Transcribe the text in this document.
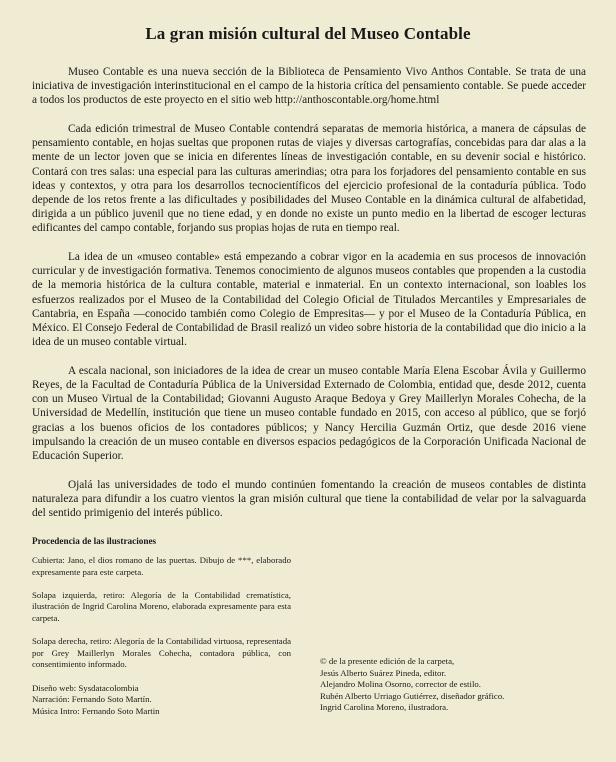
La gran misión cultural del Museo Contable

Museo Contable es una nueva sección de la Biblioteca de Pensamiento Vivo Anthos Contable. Se trata de una iniciativa de investigación interinstitucional en el campo de la historia crítica del pensamiento contable. Se puede acceder a todos los productos de este proyecto en el sitio web http://anthoscontable.org/home.html

Cada edición trimestral de Museo Contable contendrá separatas de memoria histórica, a manera de cápsulas de pensamiento contable, en hojas sueltas que proponen rutas de viajes y diversas cartografías, concebidas para dar alas a la mente de un lector joven que se inicia en diferentes líneas de investigación contable, en su devenir social e histórico. Contará con tres salas: una especial para las culturas amerindias; otra para los forjadores del pensamiento contable en sus ideas y contextos, y otra para los desarrollos tecnocientíficos del ejercicio profesional de la contaduría pública. Todo depende de los retos frente a las dificultades y posibilidades del Museo Contable en la dinámica cultural de alfabetidad, dirigida a un público juvenil que no tiene edad, y en donde no existe un punto medio en la libertad de escoger lecturas edificantes del campo contable, forjando sus propias hojas de ruta en tiempo real.

La idea de un «museo contable» está empezando a cobrar vigor en la academia en sus procesos de innovación curricular y de investigación formativa. Tenemos conocimiento de algunos museos contables que propenden a la custodia de la memoria histórica de la cultura contable, material e inmaterial. En un contexto internacional, son loables los esfuerzos realizados por el Museo de la Contabilidad del Colegio Oficial de Titulados Mercantiles y Empresariales de Cantabria, en España —conocido también como Colegio de Empresitas— y por el Museo de la Contaduría Pública, en México. El Consejo Federal de Contabilidad de Brasil realizó un video sobre historia de la contabilidad que dio inicio a la idea de un museo contable virtual.

A escala nacional, son iniciadores de la idea de crear un museo contable María Elena Escobar Ávila y Guillermo Reyes, de la Facultad de Contaduría Pública de la Universidad Externado de Colombia, entidad que, desde 2012, cuenta con un Museo Virtual de la Contabilidad; Giovanni Augusto Araque Bedoya y Grey Maillerlyn Morales Cohecha, de la Universidad de Medellín, institución que tiene un museo contable fundado en 2015, con acceso al público, que se forjó gracias a los buenos oficios de los contadores públicos; y Nancy Hercilia Guzmán Ortiz, que desde 2016 viene impulsando la creación de un museo contable en diversos espacios pedagógicos de la Corporación Unificada Nacional de Educación Superior.

Ojalá las universidades de todo el mundo continúen fomentando la creación de museos contables de distinta naturaleza para difundir a los cuatro vientos la gran misión cultural que tiene la contabilidad de velar por la salvaguarda del sentido primigenio del interés público.

Procedencia de las ilustraciones

Cubierta: Jano, el dios romano de las puertas. Dibujo de ***, elaborado expresamente para este carpeta.

Solapa izquierda, retiro: Alegoría de la Contabilidad crematística, ilustración de Ingrid Carolina Moreno, elaborada expresamente para esta carpeta.

Solapa derecha, retiro: Alegoría de la Contabilidad virtuosa, representada por Grey Maillerlyn Morales Cohecha, contadora pública, con consentimiento informado.

Diseño web: Sysdatacolombia
Narración: Fernando Soto Martín.
Música Intro: Fernando Soto Martin
© de la presente edición de la carpeta,
Jesús Alberto Suárez Pineda, editor.
Alejandro Molina Osorno, corrector de estilo.
Rubén Alberto Urriago Gutiérrez, diseñador gráfico.
Ingrid Carolina Moreno, ilustradora.
